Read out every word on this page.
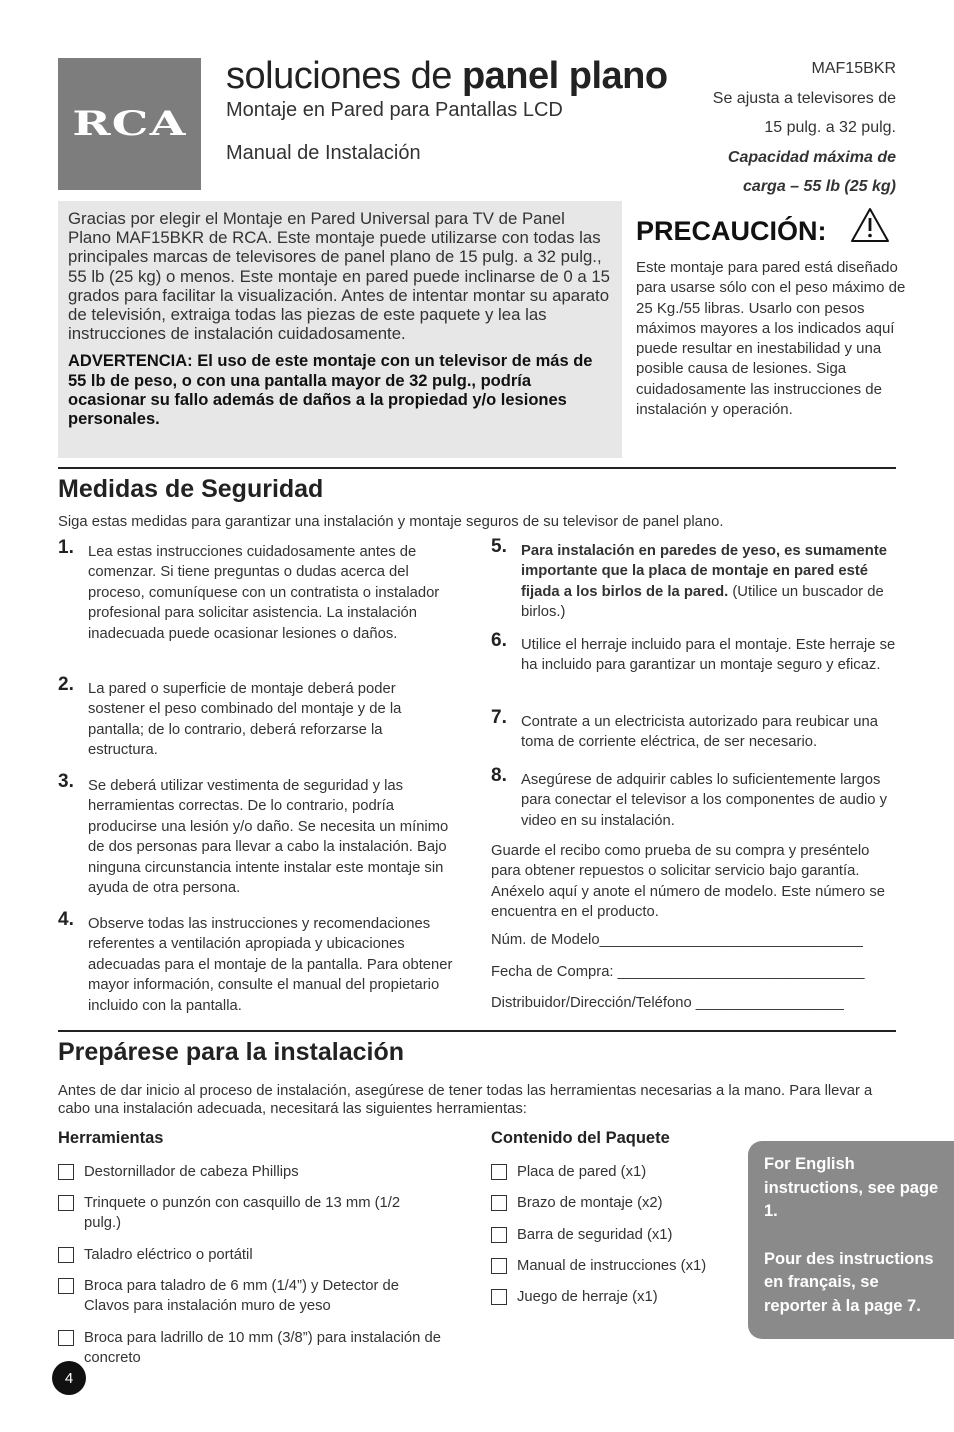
RCA
soluciones de panel plano
Montaje en Pared para Pantallas LCD
Manual de Instalación
MAF15BKR
Se ajusta a televisores de
15 pulg. a 32 pulg.
Capacidad máxima de
carga – 55 lb (25 kg)

Gracias por elegir el Montaje en Pared Universal para TV de Panel Plano MAF15BKR de RCA. Este montaje puede utilizarse con todas las principales marcas de televisores de panel plano de 15 pulg. a 32 pulg., 55 lb (25 kg) o menos. Este montaje en pared puede inclinarse de 0 a 15 grados para facilitar la visualización. Antes de intentar montar su aparato de televisión, extraiga todas las piezas de este paquete y lea las instrucciones de instalación cuidadosamente.

ADVERTENCIA: El uso de este montaje con un televisor de más de 55 lb de peso, o con una pantalla mayor de 32 pulg., podría ocasionar su fallo además de daños a la propiedad y/o lesiones personales.

PRECAUCIÓN:

Este montaje para pared está diseñado para usarse sólo con el peso máximo de 25 Kg./55 libras. Usarlo con pesos máximos mayores a los indicados aquí puede resultar en inestabilidad y una posible causa de lesiones. Siga cuidadosamente las instrucciones de instalación y operación.

Medidas de Seguridad

Siga estas medidas para garantizar una instalación y montaje seguros de su televisor de panel plano.

1. Lea estas instrucciones cuidadosamente antes de comenzar. Si tiene preguntas o dudas acerca del proceso, comuníquese con un contratista o instalador profesional para solicitar asistencia. La instalación inadecuada puede ocasionar lesiones o daños.

2. La pared o superficie de montaje deberá poder sostener el peso combinado del montaje y de la pantalla; de lo contrario, deberá reforzarse la estructura.

3. Se deberá utilizar vestimenta de seguridad y las herramientas correctas. De lo contrario, podría producirse una lesión y/o daño. Se necesita un mínimo de dos personas para llevar a cabo la instalación. Bajo ninguna circunstancia intente instalar este montaje sin ayuda de otra persona.

4. Observe todas las instrucciones y recomendaciones referentes a ventilación apropiada y ubicaciones adecuadas para el montaje de la pantalla. Para obtener mayor información, consulte el manual del propietario incluido con la pantalla.

5. Para instalación en paredes de yeso, es sumamente importante que la placa de montaje en pared esté fijada a los birlos de la pared. (Utilice un buscador de birlos.)

6. Utilice el herraje incluido para el montaje. Este herraje se ha incluido para garantizar un montaje seguro y eficaz.

7. Contrate a un electricista autorizado para reubicar una toma de corriente eléctrica, de ser necesario.

8. Asegúrese de adquirir cables lo suficientemente largos para conectar el televisor a los componentes de audio y video en su instalación.

Guarde el recibo como prueba de su compra y preséntelo para obtener repuestos o solicitar servicio bajo garantía. Anéxelo aquí y anote el número de modelo. Este número se encuentra en el producto.

Núm. de Modelo________________________________

Fecha de Compra: ______________________________

Distribuidor/Dirección/Teléfono __________________

Prepárese para la instalación

Antes de dar inicio al proceso de instalación, asegúrese de tener todas las herramientas necesarias a la mano. Para llevar a cabo una instalación adecuada, necesitará las siguientes herramientas:

Herramientas
Destornillador de cabeza Phillips
Trinquete o punzón con casquillo de 13 mm (1/2 pulg.)
Taladro eléctrico o portátil
Broca para taladro de 6 mm (1/4”) y Detector de Clavos para instalación muro de yeso
Broca para ladrillo de 10 mm (3/8”) para instalación de concreto
Contenido del Paquete
Placa de pared (x1)
Brazo de montaje (x2)
Barra de seguridad (x1)
Manual de instrucciones (x1)
Juego de herraje (x1)

For English instructions, see page 1.

Pour des instructions en français, se reporter à la page 7.

4
